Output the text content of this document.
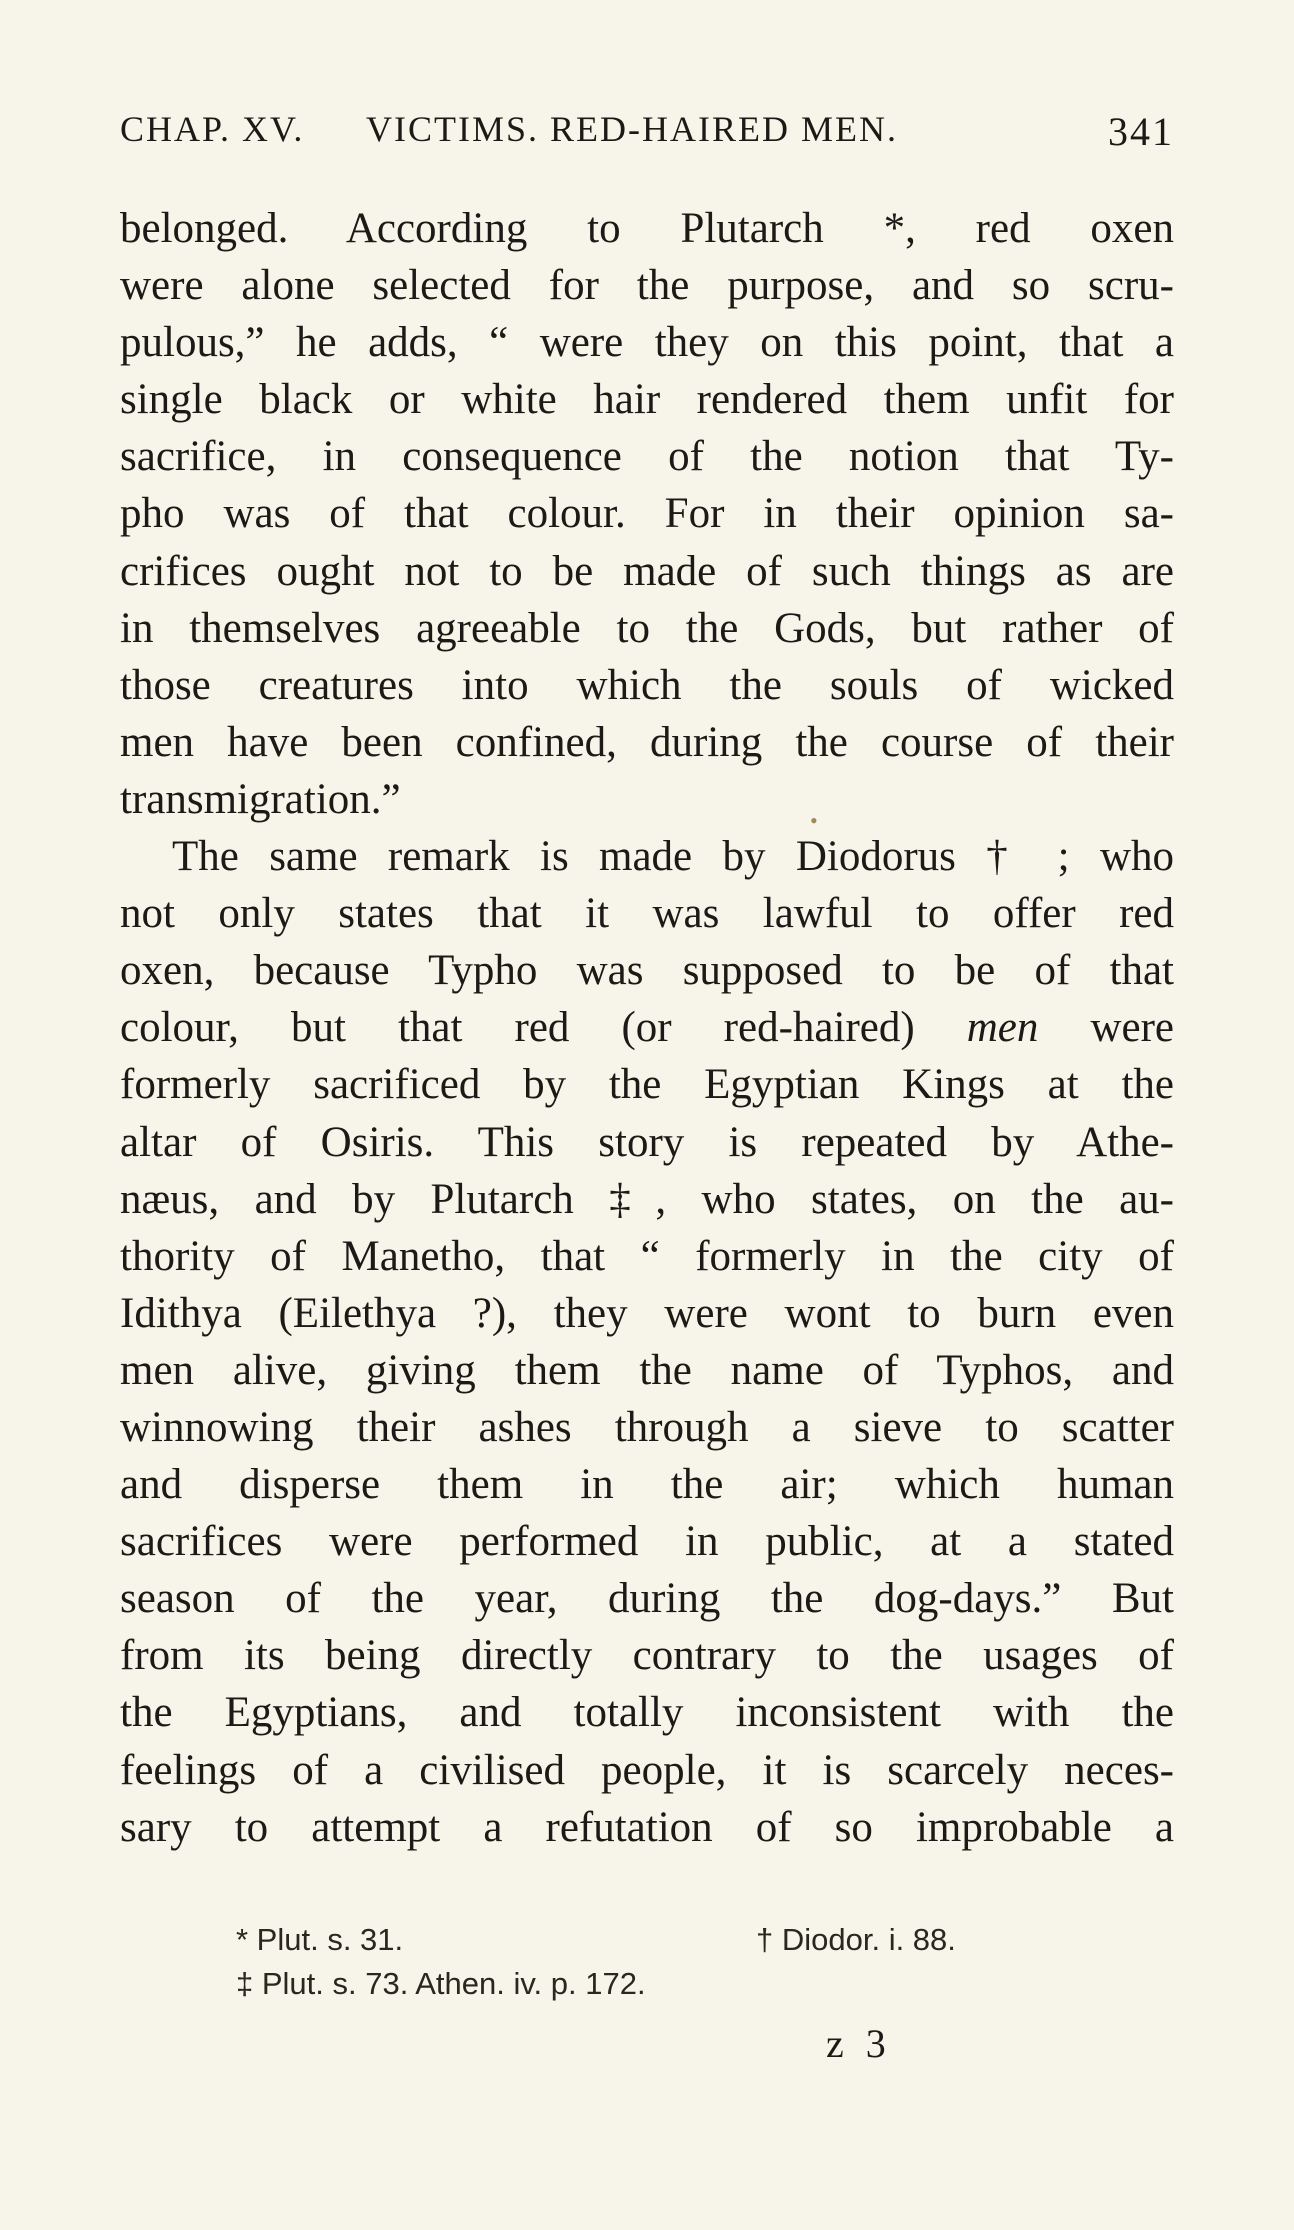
CHAP. XV. VICTIMS. RED-HAIRED MEN.	341
belonged. According to Plutarch *, red oxen
were alone selected for the purpose, and so scru-
pulous,” he adds, “ were they on this point, that a
single black or white hair rendered them unfit for
sacrifice, in consequence of the notion that Ty-
pho was of that colour. For in their opinion sa-
crifices ought not to be made of such things as are
in themselves agreeable to the Gods, but rather of
those creatures into which the souls of wicked
men have been confined, during the course of their
transmigration.”
The same remark is made by Diodorus † ; who
not only states that it was lawful to offer red
oxen, because Typho was supposed to be of that
colour, but that red (or red-haired) men were
formerly sacrificed by the Egyptian Kings at the
altar of Osiris. This story is repeated by Athe-
næus, and by Plutarch ‡, who states, on the au-
thority of Manetho, that “ formerly in the city of
Idithya (Eilethya ?), they were wont to burn even
men alive, giving them the name of Typhos, and
winnowing their ashes through a sieve to scatter
and disperse them in the air; which human
sacrifices were performed in public, at a stated
season of the year, during the dog-days.” But
from its being directly contrary to the usages of
the Egyptians, and totally inconsistent with the
feelings of a civilised people, it is scarcely neces-
sary to attempt a refutation of so improbable a
•
* Plut. s. 31.	† Diodor. i. 88.
‡ Plut. s. 73. Athen. iv. p. 172.
z 3
